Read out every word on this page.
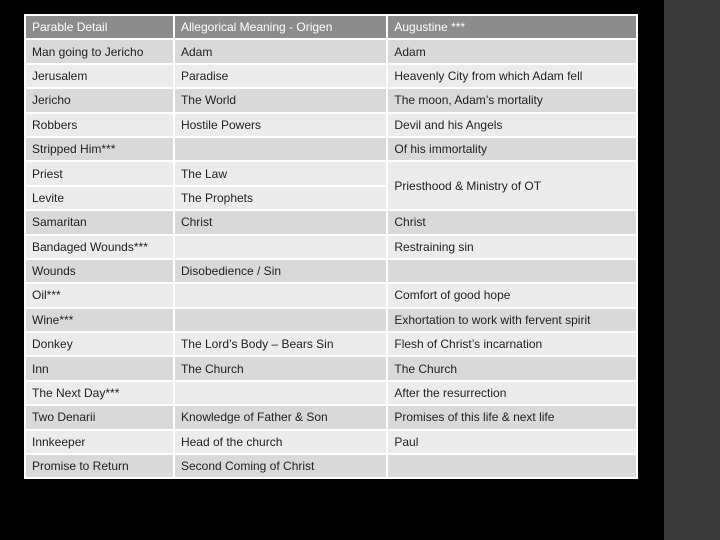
Parable Detail	Allegorical Meaning - Origen	Augustine ***
Man going to Jericho	Adam	Adam
Jerusalem	Paradise	Heavenly City from which Adam fell
Jericho	The World	The moon, Adam’s mortality
Robbers	Hostile Powers	Devil and his Angels
Stripped Him***		Of his immortality
Priest	The Law	Priesthood & Ministry of OT
Levite	The Prophets	
Samaritan	Christ	Christ
Bandaged Wounds***		Restraining sin
Wounds	Disobedience / Sin	
Oil***		Comfort of good hope
Wine***		Exhortation to work with fervent spirit
Donkey	The Lord’s Body – Bears Sin	Flesh of Christ’s incarnation
Inn	The Church	The Church
The Next Day***		After the resurrection
Two Denarii	Knowledge of Father & Son	Promises of this life & next life
Innkeeper	Head of the church	Paul
Promise to Return	Second Coming of Christ	
